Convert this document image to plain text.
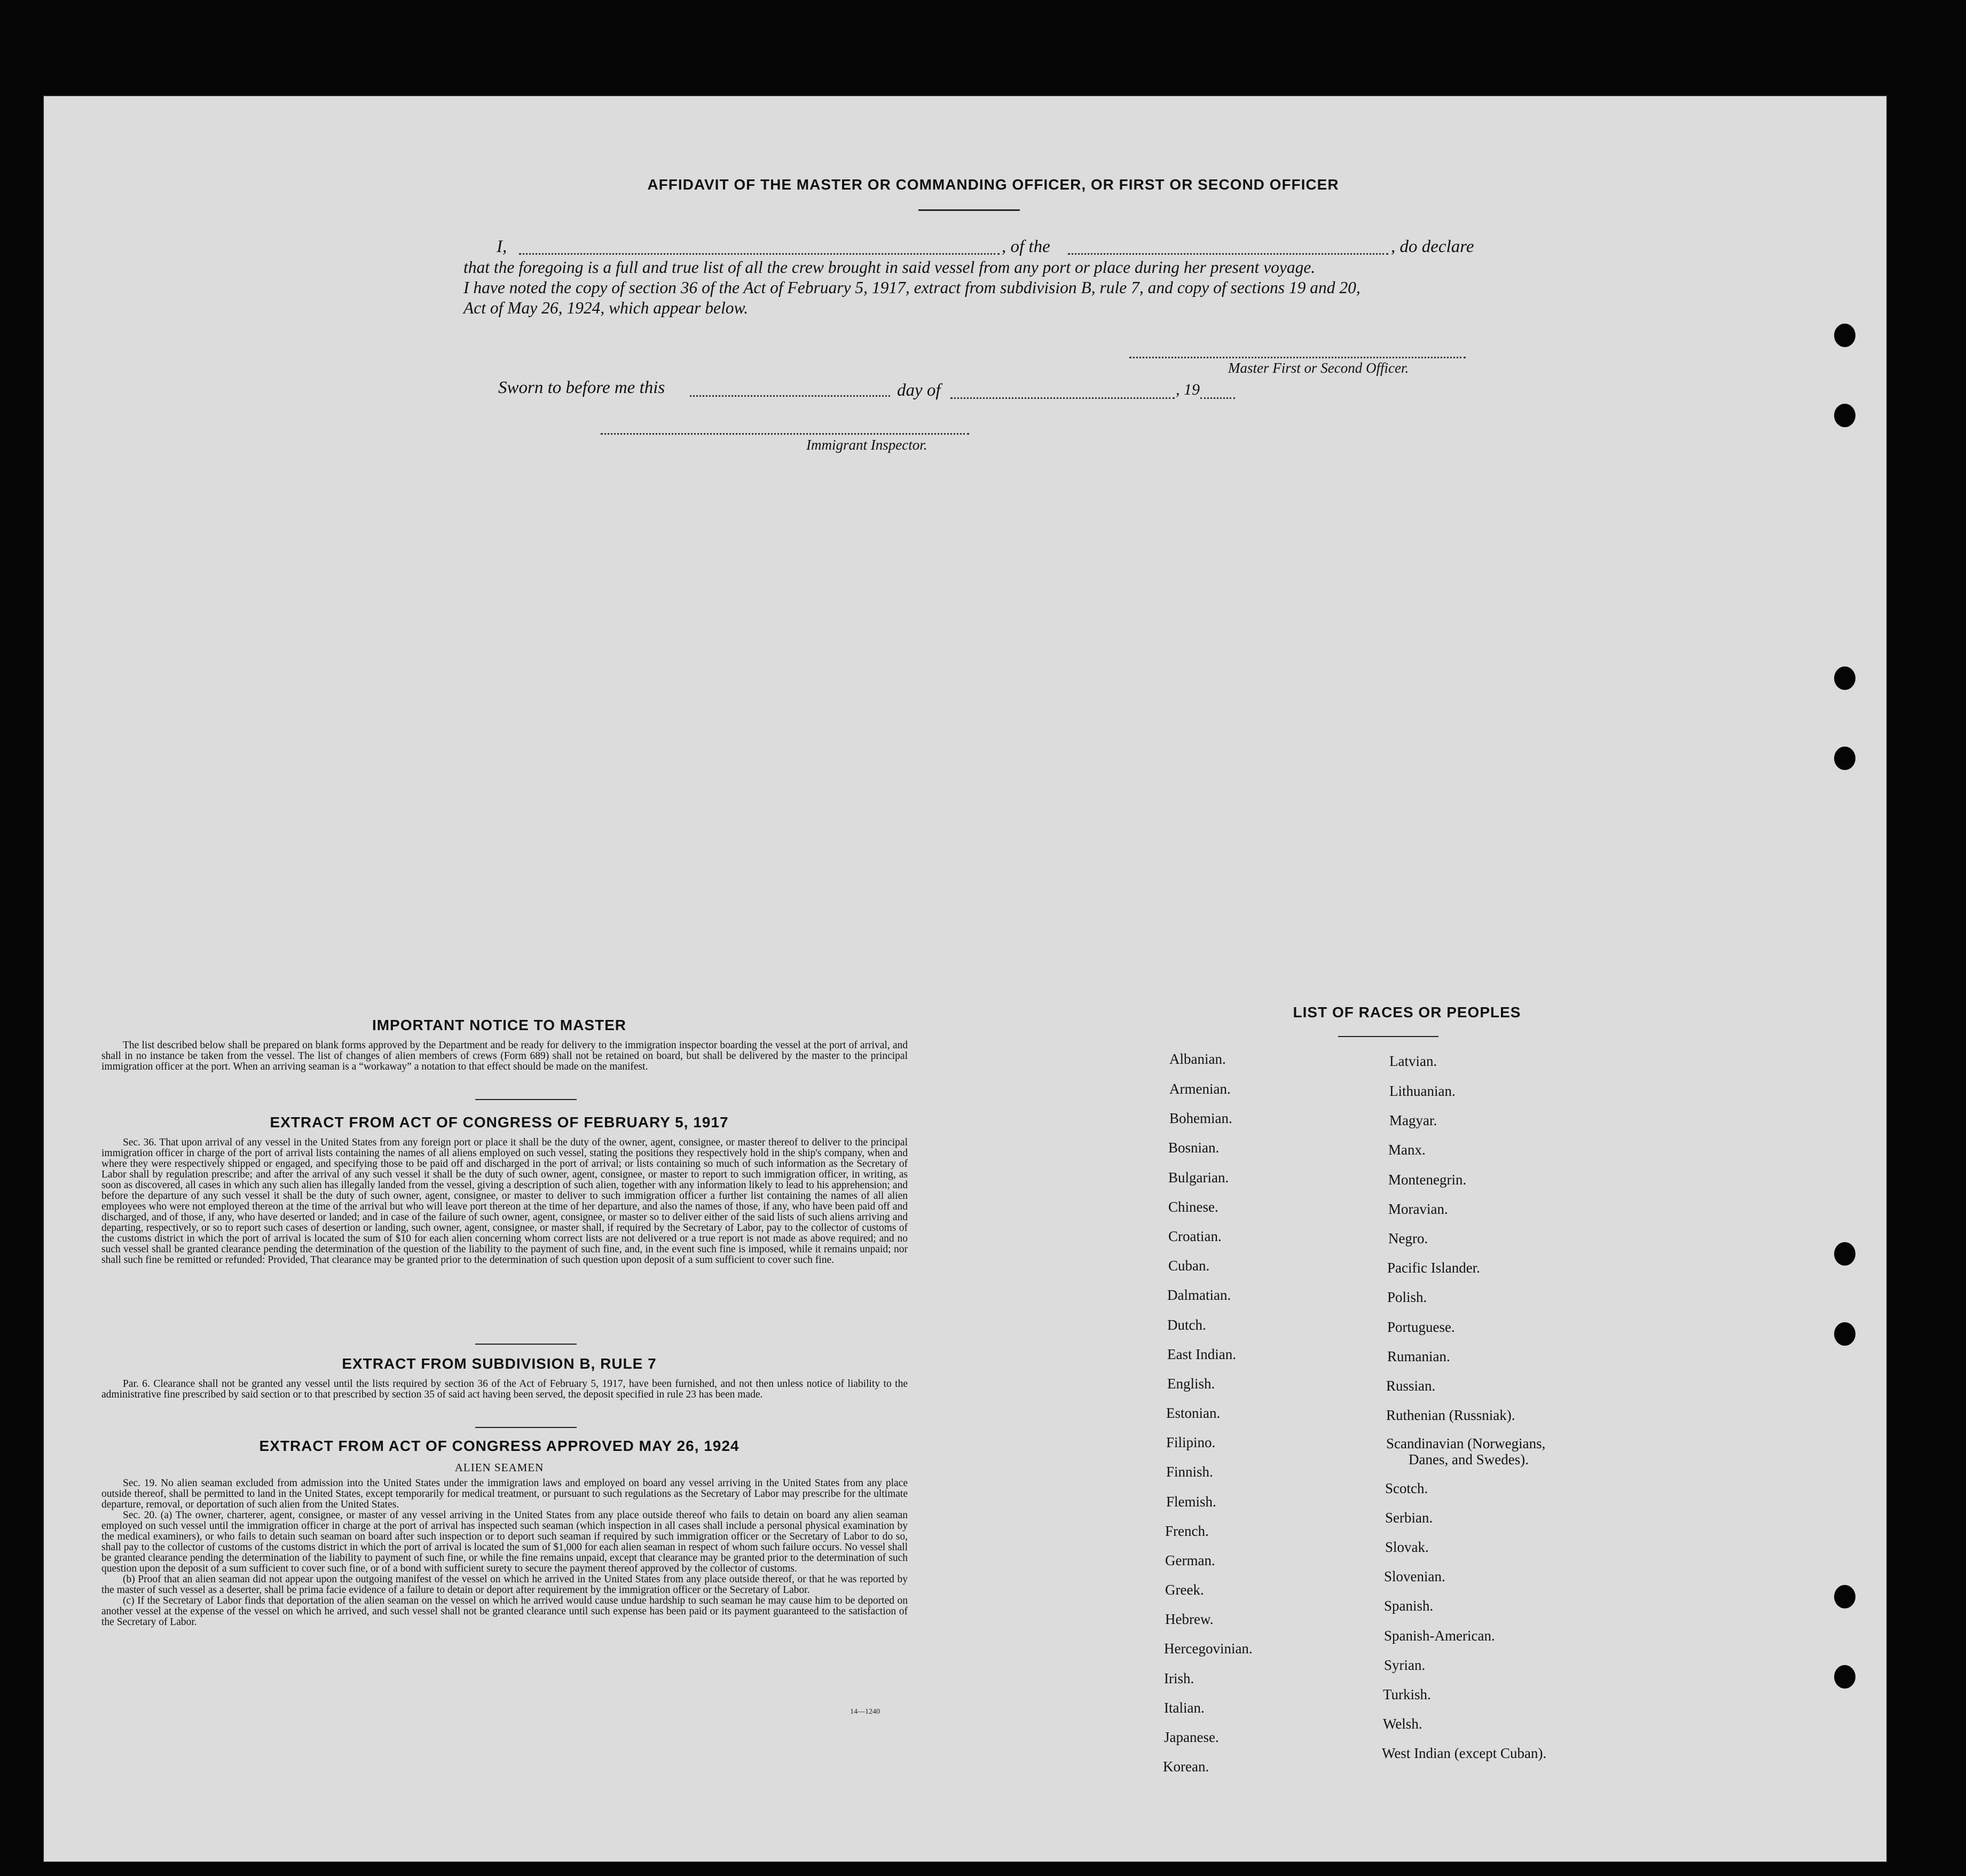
AFFIDAVIT OF THE MASTER OR COMMANDING OFFICER, OR FIRST OR SECOND OFFICER
I,	, of the	, do declare
that the foregoing is a full and true list of all the crew brought in said vessel from any port or place during her present voyage.
I have noted the copy of section 36 of the Act of February 5, 1917, extract from subdivision B, rule 7, and copy of sections 19 and 20,
Act of May 26, 1924, which appear below.
Master First or Second Officer.
Sworn to before me this	day of	, 19
Immigrant Inspector.
IMPORTANT NOTICE TO MASTER

The list described below shall be prepared on blank forms approved by the Department and be ready for delivery to the immigration inspector boarding the vessel at the port of arrival, and shall in no instance be taken from the vessel. The list of changes of alien members of crews (Form 689) shall not be retained on board, but shall be delivered by the master to the principal immigration officer at the port. When an arriving seaman is a “workaway” a notation to that effect should be made on the manifest.

EXTRACT FROM ACT OF CONGRESS OF FEBRUARY 5, 1917

Sec. 36. That upon arrival of any vessel in the United States from any foreign port or place it shall be the duty of the owner, agent, consignee, or master thereof to deliver to the principal immigration officer in charge of the port of arrival lists containing the names of all aliens employed on such vessel, stating the positions they respectively hold in the ship's company, when and where they were respectively shipped or engaged, and specifying those to be paid off and discharged in the port of arrival; or lists containing so much of such information as the Secretary of Labor shall by regulation prescribe; and after the arrival of any such vessel it shall be the duty of such owner, agent, consignee, or master to report to such immigration officer, in writing, as soon as discovered, all cases in which any such alien has illegally landed from the vessel, giving a description of such alien, together with any information likely to lead to his apprehension; and before the departure of any such vessel it shall be the duty of such owner, agent, consignee, or master to deliver to such immigration officer a further list containing the names of all alien employees who were not employed thereon at the time of the arrival but who will leave port thereon at the time of her departure, and also the names of those, if any, who have been paid off and discharged, and of those, if any, who have deserted or landed; and in case of the failure of such owner, agent, consignee, or master so to deliver either of the said lists of such aliens arriving and departing, respectively, or so to report such cases of desertion or landing, such owner, agent, consignee, or master shall, if required by the Secretary of Labor, pay to the collector of customs of the customs district in which the port of arrival is located the sum of $10 for each alien concerning whom correct lists are not delivered or a true report is not made as above required; and no such vessel shall be granted clearance pending the determination of the question of the liability to the payment of such fine, and, in the event such fine is imposed, while it remains unpaid; nor shall such fine be remitted or refunded: Provided, That clearance may be granted prior to the determination of such question upon deposit of a sum sufficient to cover such fine.

EXTRACT FROM SUBDIVISION B, RULE 7

Par. 6. Clearance shall not be granted any vessel until the lists required by section 36 of the Act of February 5, 1917, have been furnished, and not then unless notice of liability to the administrative fine prescribed by said section or to that prescribed by section 35 of said act having been served, the deposit specified in rule 23 has been made.

EXTRACT FROM ACT OF CONGRESS APPROVED MAY 26, 1924
ALIEN SEAMEN

Sec. 19. No alien seaman excluded from admission into the United States under the immigration laws and employed on board any vessel arriving in the United States from any place outside thereof, shall be permitted to land in the United States, except temporarily for medical treatment, or pursuant to such regulations as the Secretary of Labor may prescribe for the ultimate departure, removal, or deportation of such alien from the United States.

Sec. 20. (a) The owner, charterer, agent, consignee, or master of any vessel arriving in the United States from any place outside thereof who fails to detain on board any alien seaman employed on such vessel until the immigration officer in charge at the port of arrival has inspected such seaman (which inspection in all cases shall include a personal physical examination by the medical examiners), or who fails to detain such seaman on board after such inspection or to deport such seaman if required by such immigration officer or the Secretary of Labor to do so, shall pay to the collector of customs of the customs district in which the port of arrival is located the sum of $1,000 for each alien seaman in respect of whom such failure occurs. No vessel shall be granted clearance pending the determination of the liability to payment of such fine, or while the fine remains unpaid, except that clearance may be granted prior to the determination of such question upon the deposit of a sum sufficient to cover such fine, or of a bond with sufficient surety to secure the payment thereof approved by the collector of customs.

(b) Proof that an alien seaman did not appear upon the outgoing manifest of the vessel on which he arrived in the United States from any place outside thereof, or that he was reported by the master of such vessel as a deserter, shall be prima facie evidence of a failure to detain or deport after requirement by the immigration officer or the Secretary of Labor.

(c) If the Secretary of Labor finds that deportation of the alien seaman on the vessel on which he arrived would cause undue hardship to such seaman he may cause him to be deported on another vessel at the expense of the vessel on which he arrived, and such vessel shall not be granted clearance until such expense has been paid or its payment guaranteed to the satisfaction of the Secretary of Labor.

14—1240
LIST OF RACES OR PEOPLES
Albanian.
Armenian.
Bohemian.
Bosnian.
Bulgarian.
Chinese.
Croatian.
Cuban.
Dalmatian.
Dutch.
East Indian.
English.
Estonian.
Filipino.
Finnish.
Flemish.
French.
German.
Greek.
Hebrew.
Hercegovinian.
Irish.
Italian.
Japanese.
Korean.
Latvian.
Lithuanian.
Magyar.
Manx.
Montenegrin.
Moravian.
Negro.
Pacific Islander.
Polish.
Portuguese.
Rumanian.
Russian.
Ruthenian (Russniak).
Scandinavian (Norwegians,
Danes, and Swedes).
Scotch.
Serbian.
Slovak.
Slovenian.
Spanish.
Spanish-American.
Syrian.
Turkish.
Welsh.
West Indian (except Cuban).
